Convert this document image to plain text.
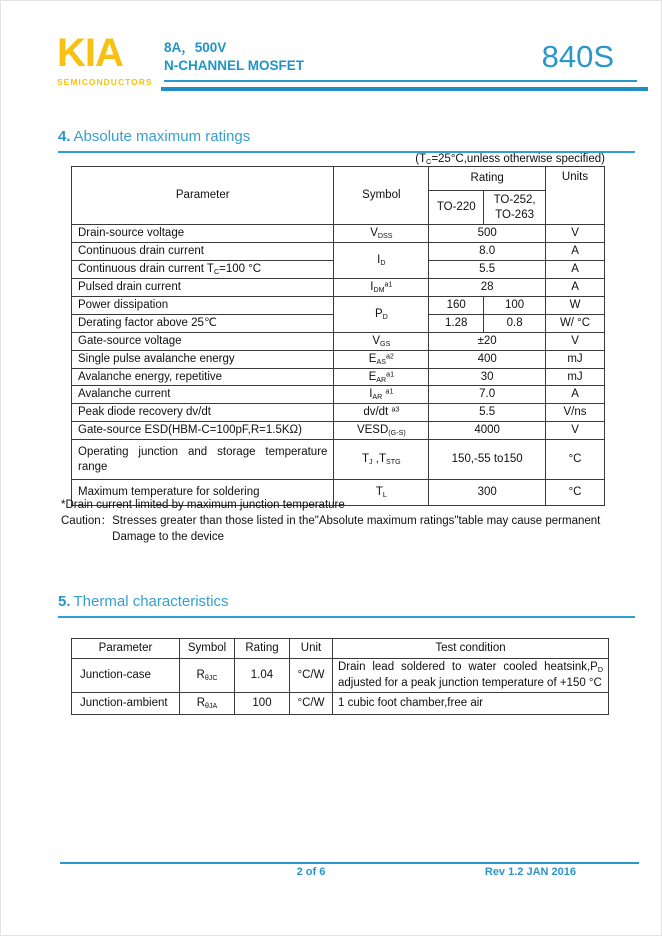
KIA
SEMICONDUCTORS
8A，500V
N-CHANNEL MOSFET	840S
4. Absolute maximum ratings
($T_C=25^\circ C,unless$ otherwise specified)
Parameter	Symbol	Rating		Units
		TO-220	TO-252, TO-263	
Drain-source voltage	$V_{DSS}$	500		V
Continuous drain current	$I_D$	8.0		A
Continuous drain current $T_C=100$ °C		5.5		A
Pulsed drain current	$I_{DM}^{a1}$	28		A
Power dissipation	$P_D$	160	100	W
Derating factor above 25℃		1.28	0.8	W/ °C
Gate-source voltage	$V_{GS}$	±20		V
Single pulse avalanche energy	$E_{AS}^{a2}$	400		mJ
Avalanche energy, repetitive	$E_{AR}^{a1}$	30		mJ
Avalanche current	$I_{AR}$ $^{a1}$	7.0		A
Peak diode recovery dv/dt	dv/dt $^{a3}$	5.5		V/ns
Gate-source ESD(HBM-C=100pF,R=1.5KΩ)	$VESD_{(G-S)}$	4000		V
Operating junction and storage temperature range	$T_J$ $,T_{STG}$	150,-55 to150		°C
Maximum temperature for soldering	$T_L$	300		°C
*Drain current limited by maximum junction temperature
Caution： Stresses greater than those listed in the"Absolute maximum ratings"table may cause permanent
Damage to the device
5. Thermal characteristics
Parameter	Symbol	Rating	Unit	Test condition
Junction-case	$R_{\theta JC}$	1.04	°C/W	Drain lead soldered to water cooled $heatsink,P_D$ adjusted for a peak junction temperature of +150 °C
Junction-ambient	$R_{\theta JA}$	100	°C/W	1 cubic foot chamber,free air
2 of 6	Rev 1.2 JAN 2016
